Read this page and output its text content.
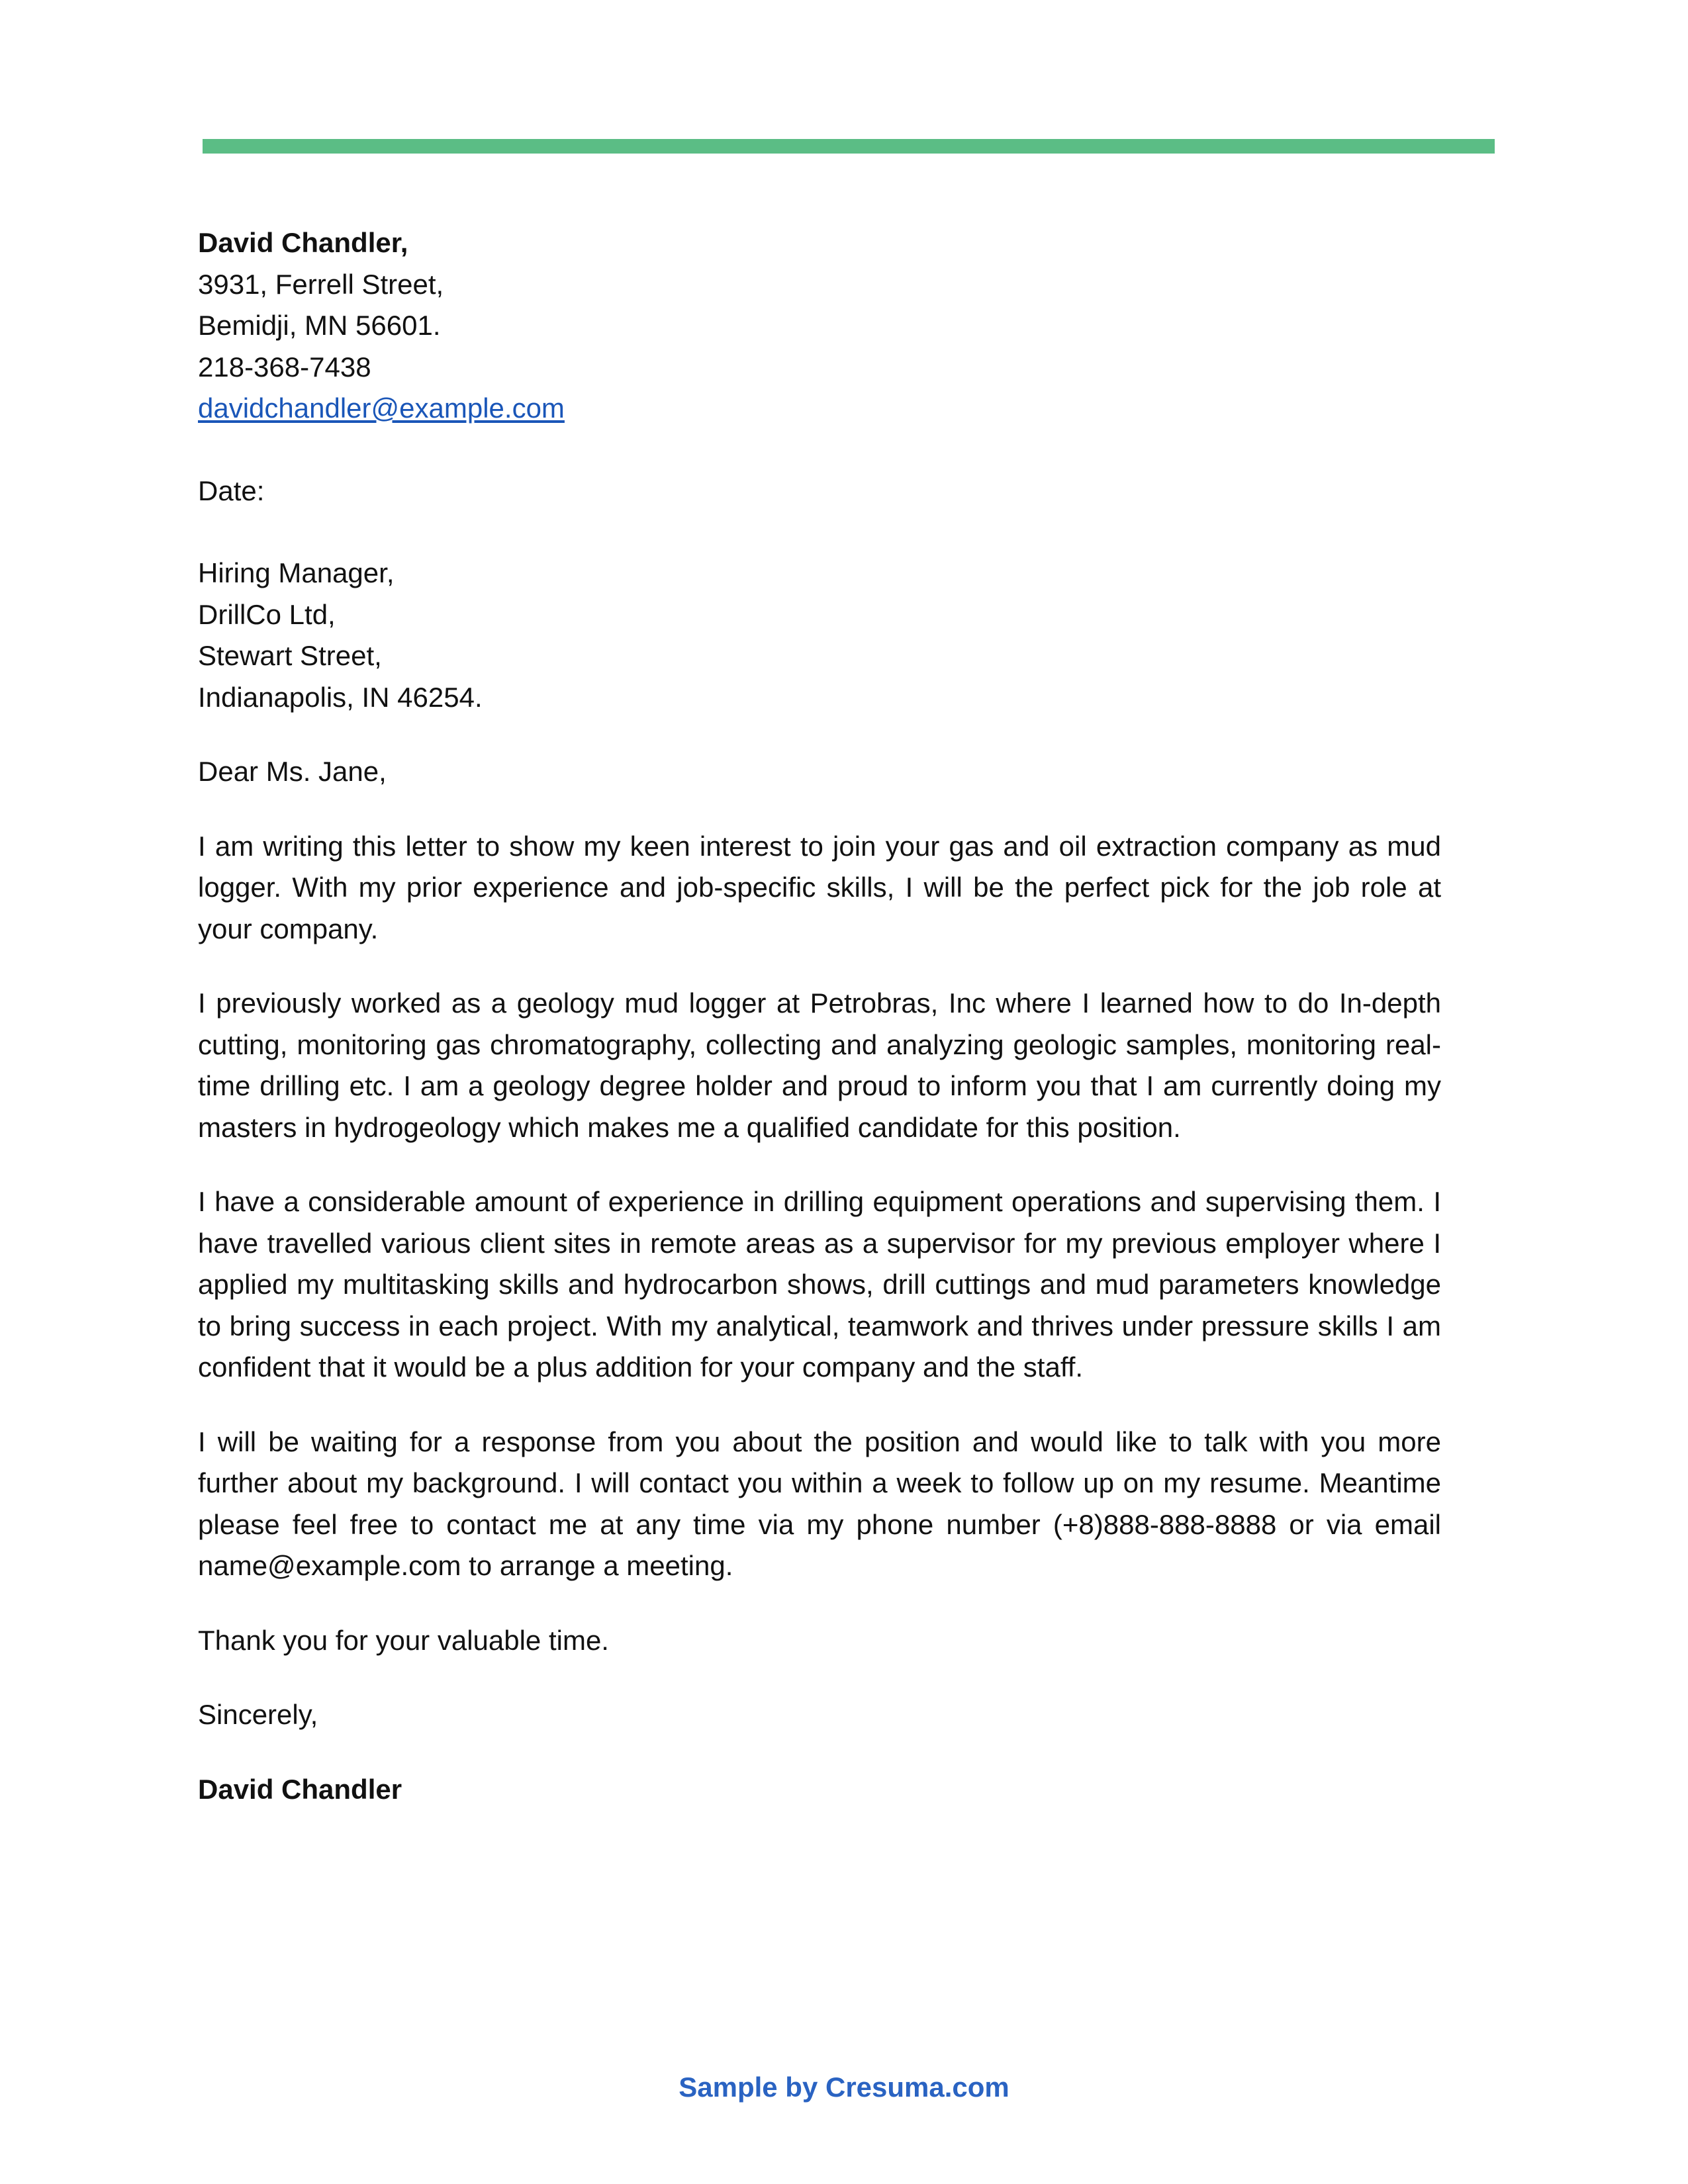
David Chandler,
3931, Ferrell Street,
Bemidji, MN 56601.
218-368-7438
davidchandler@example.com
Date:
Hiring Manager,
DrillCo Ltd,
Stewart Street,
Indianapolis, IN 46254.
Dear Ms. Jane,

I am writing this letter to show my keen interest to join your gas and oil extraction company as mud logger. With my prior experience and job-specific skills, I will be the perfect pick for the job role at your company.

I previously worked as a geology mud logger at Petrobras, Inc where I learned how to do In-depth cutting, monitoring gas chromatography, collecting and analyzing geologic samples, monitoring real-time drilling etc. I am a geology degree holder and proud to inform you that I am currently doing my masters in hydrogeology which makes me a qualified candidate for this position.

I have a considerable amount of experience in drilling equipment operations and supervising them. I have travelled various client sites in remote areas as a supervisor for my previous employer where I applied my multitasking skills and hydrocarbon shows, drill cuttings and mud parameters knowledge to bring success in each project. With my analytical, teamwork and thrives under pressure skills I am confident that it would be a plus addition for your company and the staff.

I will be waiting for a response from you about the position and would like to talk with you more further about my background. I will contact you within a week to follow up on my resume. Meantime please feel free to contact me at any time via my phone number (+8)888-888-8888 or via email name@example.com to arrange a meeting.

Thank you for your valuable time.
Sincerely,
David Chandler
Sample by Cresuma.com
